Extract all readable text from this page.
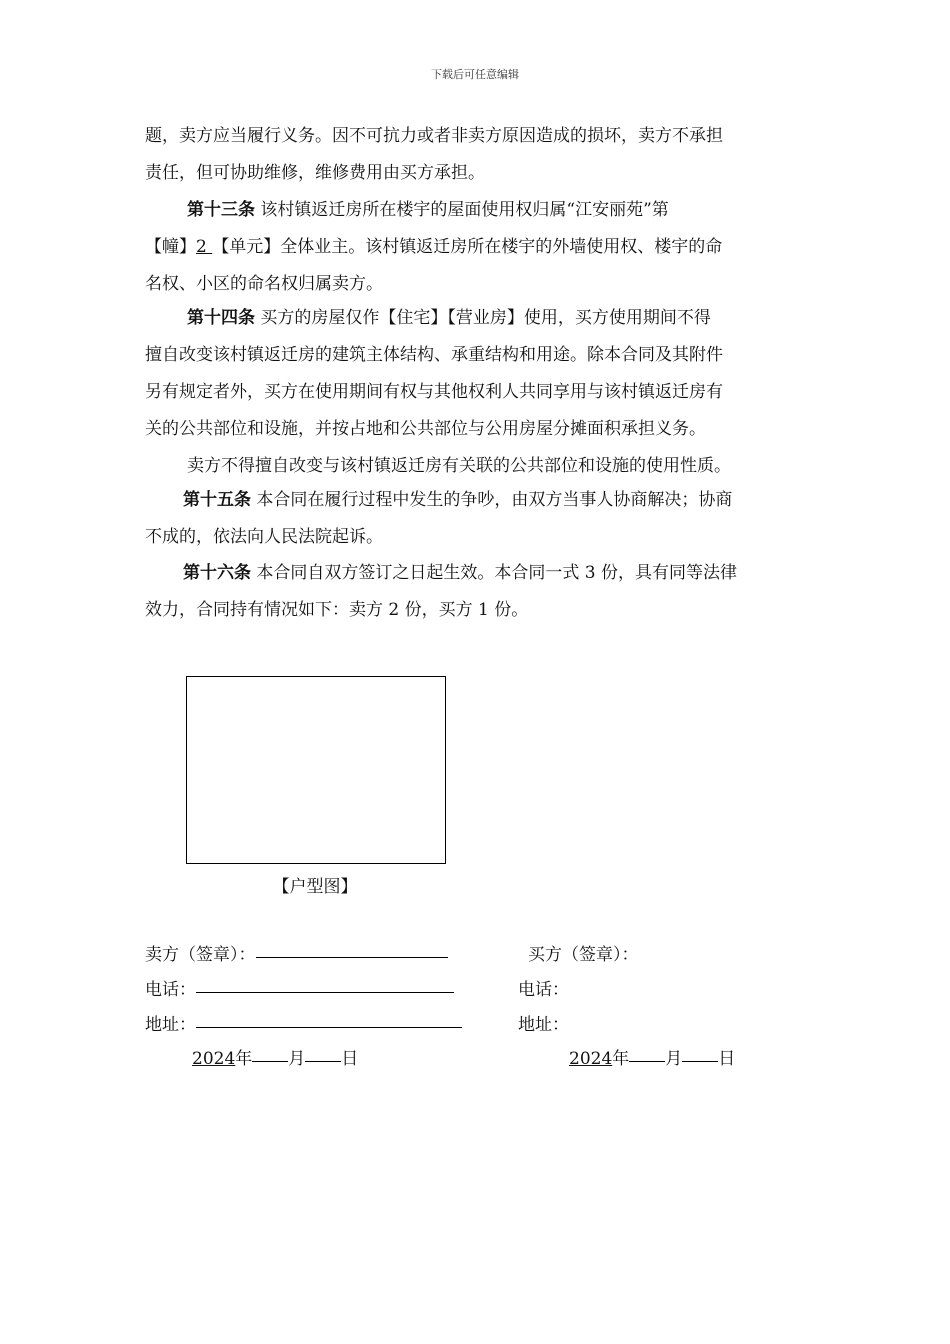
下载后可任意编辑
题，卖方应当履行义务。因不可抗力或者非卖方原因造成的损坏，卖方不承担
责任，但可协助维修，维修费用由买方承担。
第十三条 该村镇返迁房所在楼宇的屋面使用权归属“江安丽苑”第
【幢】2 【单元】全体业主。该村镇返迁房所在楼宇的外墙使用权、楼宇的命
名权、小区的命名权归属卖方。
第十四条 买方的房屋仅作【住宅】【营业房】使用，买方使用期间不得
擅自改变该村镇返迁房的建筑主体结构、承重结构和用途。除本合同及其附件
另有规定者外，买方在使用期间有权与其他权利人共同享用与该村镇返迁房有
关的公共部位和设施，并按占地和公共部位与公用房屋分摊面积承担义务。
卖方不得擅自改变与该村镇返迁房有关联的公共部位和设施的使用性质。
第十五条 本合同在履行过程中发生的争吵，由双方当事人协商解决；协商
不成的，依法向人民法院起诉。
第十六条 本合同自双方签订之日起生效。本合同一式 3 份，具有同等法律
效力，合同持有情况如下：卖方 2 份，买方 1 份。
【户型图】
卖方（签章）：
电话：
地址：
2024年 月 日
买方（签章）：
电话：
地址：
2024年 月 日
